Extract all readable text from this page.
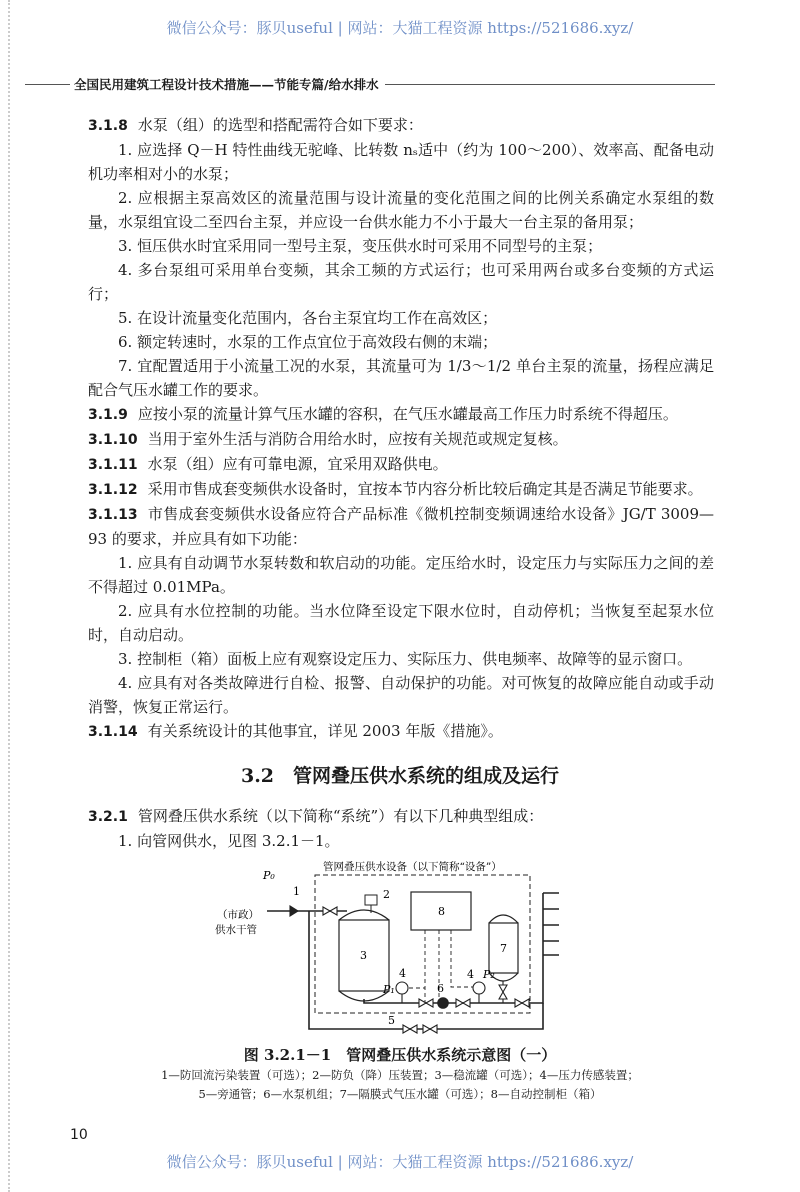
微信公众号：豚贝useful | 网站：大猫工程资源 https://521686.xyz/
全国民用建筑工程设计技术措施——节能专篇/给水排水

3.1.8 水泵（组）的选型和搭配需符合如下要求：

1. 应选择 Q－H 特性曲线无驼峰、比转数 nₛ适中（约为 100～200）、效率高、配备电动机功率相对小的水泵；

2. 应根据主泵高效区的流量范围与设计流量的变化范围之间的比例关系确定水泵组的数量，水泵组宜设二至四台主泵，并应设一台供水能力不小于最大一台主泵的备用泵；

3. 恒压供水时宜采用同一型号主泵，变压供水时可采用不同型号的主泵；

4. 多台泵组可采用单台变频，其余工频的方式运行；也可采用两台或多台变频的方式运行；

5. 在设计流量变化范围内，各台主泵宜均工作在高效区；

6. 额定转速时，水泵的工作点宜位于高效段右侧的末端；

7. 宜配置适用于小流量工况的水泵，其流量可为 1/3～1/2 单台主泵的流量，扬程应满足配合气压水罐工作的要求。

3.1.9 应按小泵的流量计算气压水罐的容积，在气压水罐最高工作压力时系统不得超压。

3.1.10 当用于室外生活与消防合用给水时，应按有关规范或规定复核。

3.1.11 水泵（组）应有可靠电源，宜采用双路供电。

3.1.12 采用市售成套变频供水设备时，宜按本节内容分析比较后确定其是否满足节能要求。

3.1.13 市售成套变频供水设备应符合产品标准《微机控制变频调速给水设备》JG/T 3009—93 的要求，并应具有如下功能：

1. 应具有自动调节水泵转数和软启动的功能。定压给水时，设定压力与实际压力之间的差不得超过 0.01MPa。

2. 应具有水位控制的功能。当水位降至设定下限水位时，自动停机；当恢复至起泵水位时，自动启动。

3. 控制柜（箱）面板上应有观察设定压力、实际压力、供电频率、故障等的显示窗口。

4. 应具有对各类故障进行自检、报警、自动保护的功能。对可恢复的故障应能自动或手动消警，恢复正常运行。

3.1.14 有关系统设计的其他事宜，详见 2003 年版《措施》。

3.2　管网叠压供水系统的组成及运行

3.2.1 管网叠压供水系统（以下简称“系统”）有以下几种典型组成：

1. 向管网供水，见图 3.2.1－1。

P₀
P₁
P₂
（市政）
供水干管
管网叠压供水设备（以下简称“设备”）
1	2
3
4	4
5
6
7
8
图 3.2.1－1　管网叠压供水系统示意图（一）
1—防回流污染装置（可选）；2—防负（降）压装置；3—稳流罐（可选）；4—压力传感装置；
5—旁通管；6—水泵机组；7—隔膜式气压水罐（可选）；8—自动控制柜（箱）
10
微信公众号：豚贝useful | 网站：大猫工程资源 https://521686.xyz/
